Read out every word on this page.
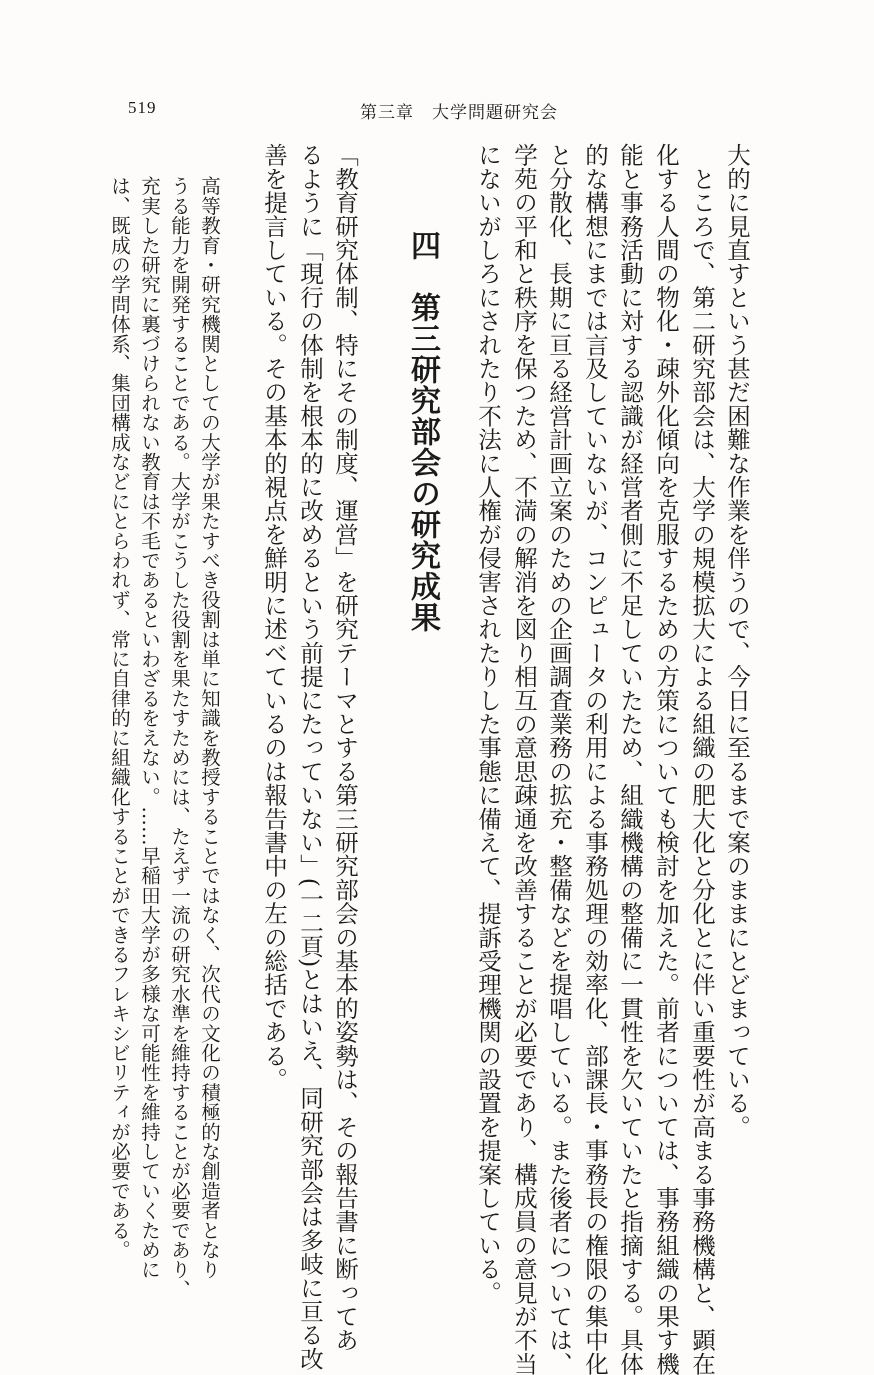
519	第三章　大学問題研究会

大的に見直すという甚だ困難な作業を伴うので、今日に至るまで案のままにとどまっている。

　ところで、第二研究部会は、大学の規模拡大による組織の肥大化と分化とに伴い重要性が高まる事務機構と、顕在

化する人間の物化・疎外化傾向を克服するための方策についても検討を加えた。前者については、事務組織の果す機

能と事務活動に対する認識が経営者側に不足していたため、組織機構の整備に一貫性を欠いていたと指摘する。具体

的な構想にまでは言及していないが、コンピュータの利用による事務処理の効率化、部課長・事務長の権限の集中化

と分散化、長期に亘る経営計画立案のための企画調査業務の拡充・整備などを提唱している。また後者については、

学苑の平和と秩序を保つため、不満の解消を図り相互の意思疎通を改善することが必要であり、構成員の意見が不当

にないがしろにされたり不法に人権が侵害されたりした事態に備えて、提訴受理機関の設置を提案している。

四　第三研究部会の研究成果

「教育研究体制、特にその制度、運営」を研究テーマとする第三研究部会の基本的姿勢は、その報告書に断ってあ

るように「現行の体制を根本的に改めるという前提にたっていない」(一二頁)とはいえ、同研究部会は多岐に亘る改

善を提言している。その基本的視点を鮮明に述べているのは報告書中の左の総括である。

高等教育・研究機関としての大学が果たすべき役割は単に知識を教授することではなく、次代の文化の積極的な創造者となり

うる能力を開発することである。大学がこうした役割を果たすためには、たえず一流の研究水準を維持することが必要であり、

充実した研究に裏づけられない教育は不毛であるといわざるをえない。……早稲田大学が多様な可能性を維持していくために

は、既成の学問体系、集団構成などにとらわれず、常に自律的に組織化することができるフレキシビリティが必要である。
